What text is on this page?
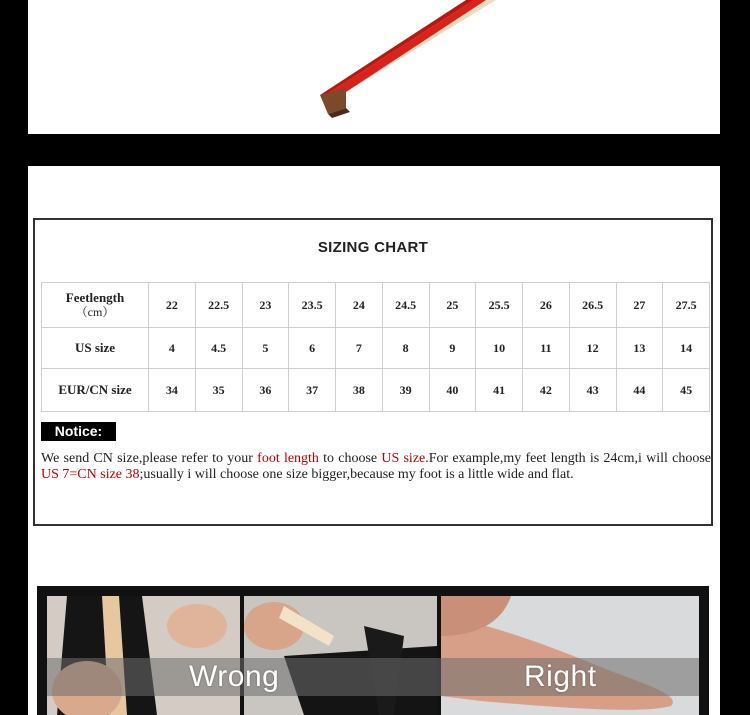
SIZING CHART
Feetlength
（cm）	22	22.5	23	23.5	24	24.5	25	25.5	26	26.5	27	27.5
US size	4	4.5	5	6	7	8	9	10	11	12	13	14
EUR/CN size	34	35	36	37	38	39	40	41	42	43	44	45
Notice:
We send CN size,please refer to your foot length to choose US size.For example,my feet length is 24cm,i will choose US 7=CN size 38;usually i will choose one size bigger,because my foot is a little wide and flat.
Wrong	Right
